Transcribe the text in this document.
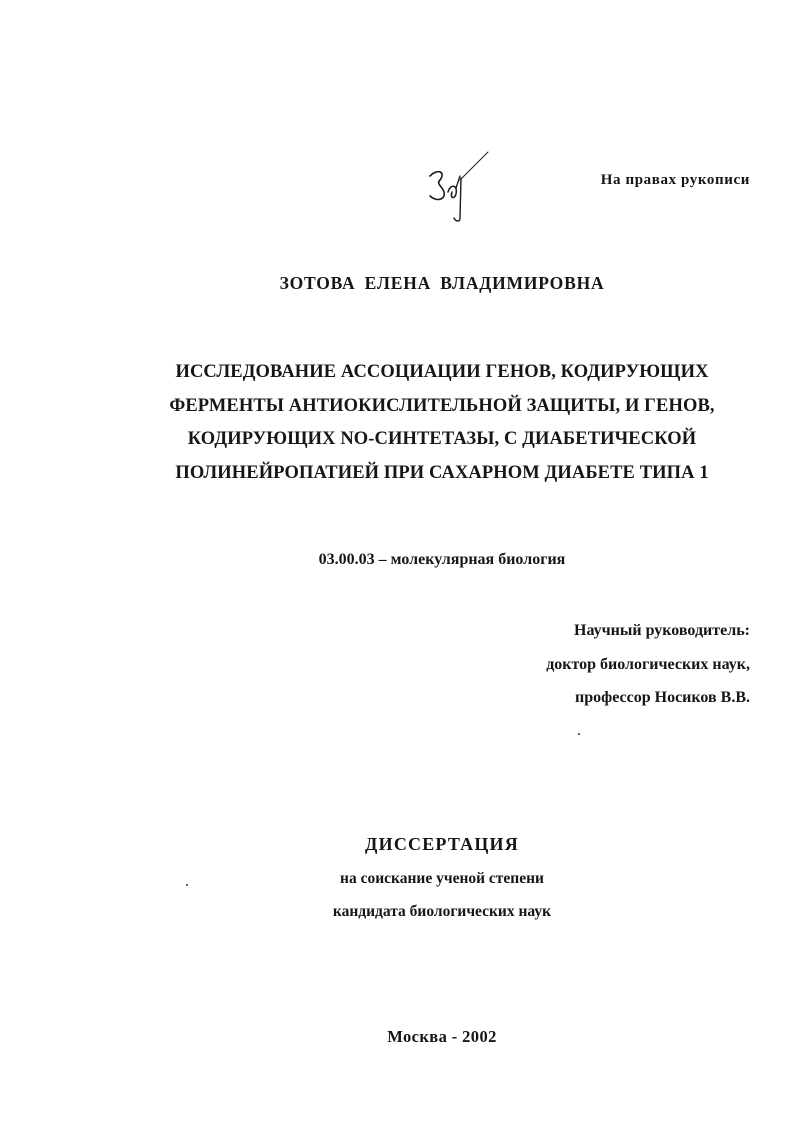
На правах рукописи
ЗОТОВА ЕЛЕНА ВЛАДИМИРОВНА
ИССЛЕДОВАНИЕ АССОЦИАЦИИ ГЕНОВ, КОДИРУЮЩИХ
ФЕРМЕНТЫ АНТИОКИСЛИТЕЛЬНОЙ ЗАЩИТЫ, И ГЕНОВ,
КОДИРУЮЩИХ NO-СИНТЕТАЗЫ, С ДИАБЕТИЧЕСКОЙ
ПОЛИНЕЙРОПАТИЕЙ ПРИ САХАРНОМ ДИАБЕТЕ ТИПА 1
03.00.03 – молекулярная биология
Научный руководитель:
доктор биологических наук,
профессор Носиков В.В.
ДИССЕРТАЦИЯ
на соискание ученой степени
кандидата биологических наук
Москва - 2002
